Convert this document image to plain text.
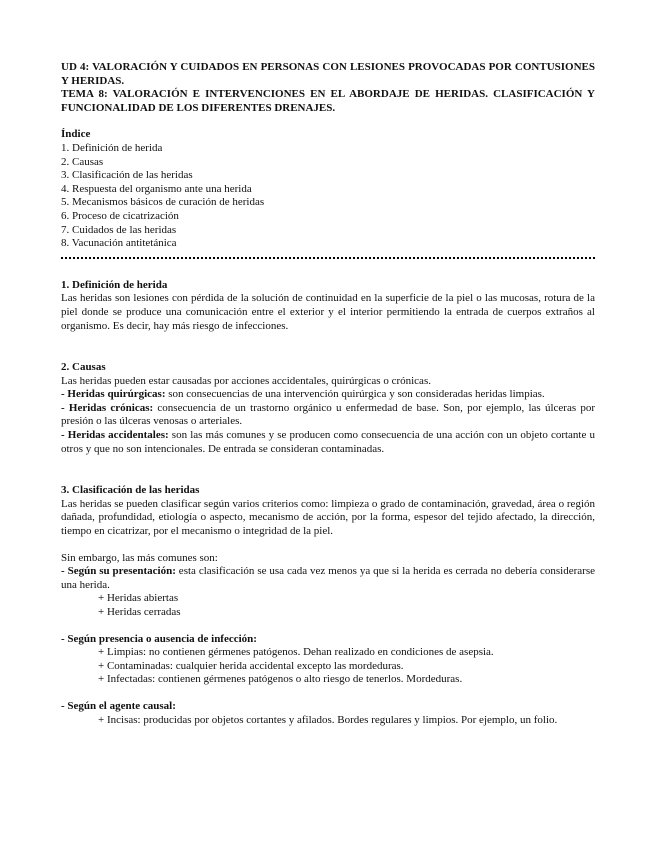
UD 4: VALORACIÓN Y CUIDADOS EN PERSONAS CON LESIONES PROVOCADAS POR CONTUSIONES Y HERIDAS.

TEMA 8: VALORACIÓN E INTERVENCIONES EN EL ABORDAJE DE HERIDAS. CLASIFICACIÓN Y FUNCIONALIDAD DE LOS DIFERENTES DRENAJES.

Índice

1. Definición de herida

2. Causas

3. Clasificación de las heridas

4. Respuesta del organismo ante una herida

5. Mecanismos básicos de curación de heridas

6. Proceso de cicatrización

7. Cuidados de las heridas

8. Vacunación antitetánica

1. Definición de herida

Las heridas son lesiones con pérdida de la solución de continuidad en la superficie de la piel o las mucosas, rotura de la piel donde se produce una comunicación entre el exterior y el interior permitiendo la entrada de cuerpos extraños al organismo. Es decir, hay más riesgo de infecciones.

2. Causas

Las heridas pueden estar causadas por acciones accidentales, quirúrgicas o crónicas.

- Heridas quirúrgicas: son consecuencias de una intervención quirúrgica y son consideradas heridas limpias.

- Heridas crónicas: consecuencia de un trastorno orgánico u enfermedad de base. Son, por ejemplo, las úlceras por presión o las úlceras venosas o arteriales.

- Heridas accidentales: son las más comunes y se producen como consecuencia de una acción con un objeto cortante u otros y que no son intencionales. De entrada se consideran contaminadas.

3. Clasificación de las heridas

Las heridas se pueden clasificar según varios criterios como: limpieza o grado de contaminación, gravedad, área o región dañada, profundidad, etiología o aspecto, mecanismo de acción, por la forma, espesor del tejido afectado, la dirección, tiempo en cicatrizar, por el mecanismo o integridad de la piel.

Sin embargo, las más comunes son:

- Según su presentación: esta clasificación se usa cada vez menos ya que si la herida es cerrada no debería considerarse una herida.

+ Heridas abiertas
+ Heridas cerradas

- Según presencia o ausencia de infección:

+ Limpias: no contienen gérmenes patógenos. Dehan realizado en condiciones de asepsia.
+ Contaminadas: cualquier herida accidental excepto las mordeduras.
+ Infectadas: contienen gérmenes patógenos o alto riesgo de tenerlos. Mordeduras.

- Según el agente causal:

+ Incisas: producidas por objetos cortantes y afilados. Bordes regulares y limpios. Por ejemplo, un folio.
